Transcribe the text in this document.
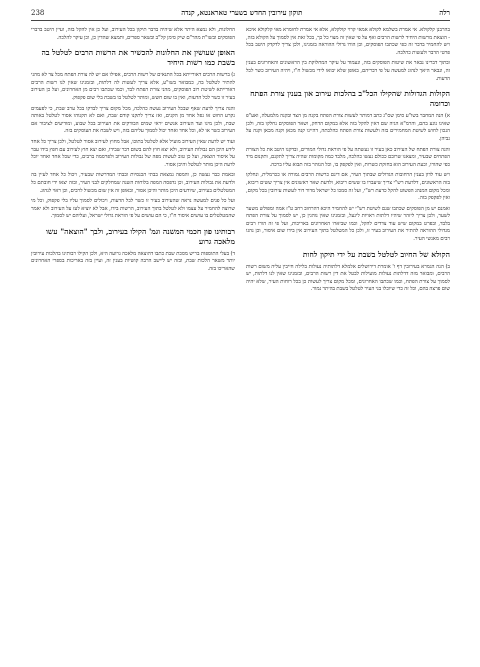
רלה
תוקון עירובין החדש בשערי טאראנטא, קנדה
238

בהרבנן קלקולא. אי אמרת בשלמא לקולא אמאי קרוי קולקלא, אלא אי אמרת לחומרא מאי קלקולא איכא - הוצאת מרשות היחיד לרשות הרבים ואף על פי שאין זה מצוי כל כך, בכל זאת אין לסמוך על הקולא בזה, ויש להחמיר בדבר זה כפי שכתבו הפוסקים, וכן הורו גדולי ההוראה בזמנינו, ולכן צריך לדקדק היטב בכל פרטי הדבר ולעשות כהלכה.

ובתוך דברינו נבאר את שיטות הפוסקים בזה, ונעמוד על עיקר המחלוקת בין הראשונים והאחרונים בענין זה, ונבאר היאך לנהוג למעשה על פי דבריהם, באופן שלא יבואו לידי מכשול ח"ו, ויהיה העירוב כשר לכל הדעות.

הקולות הגדולות שהקילו הכל"ב בהלכות עירוב און בענין צורת הפתח וכדומה

א) הנה המחבר בשו"ע סימן שס"ג כתב דמותר לעשות צורת הפתח בקנה מן הצד ובקנה מלמעלה, ואע"פ שאינו נוגע בהם, והרמ"א הגיה שם דאין להקל בזה אלא במקום הדחק, ושאר הפוסקים נחלקו בזה, ולכן הנכון לחוש לשיטת המחמירים בזה ולעשות צורת הפתח כהלכתה, דהיינו קנה מכאן וקנה מכאן וקנה על גביהן.

והנה צורת הפתח של העירוב כאן בעיר זו נעשתה על פי הוראת גדולי המורים, ובדקנו היטב את כל הצורת הפתחים שבעיר, ומצאנו שרובם ככולם נעשו כהלכה, מלבד כמה מקומות שהיה צריך לתקנם, ותקנום מיד כפי שהורו, וכעת העירוב הוא בחזקת כשרות, ואין לפקפק בו, וכל הנזהר בזה תבוא עליו ברכה.

ויש עוד לדון בענין הרחובות הגדולים שבתוך העיר, אם דינם כרשות הרבים גמורה או ככרמלית, ונחלקו בזה הראשונים, דלדעת רש"י צריך שיעברו בו ששים ריבוא, ולדעת שאר ראשונים אין צריך ששים ריבוא, ומכל מקום המנהג הפשוט להקל כדעת רש"י, ועל זה סמכו כל ישראל מדור דור לעשות עירובין בכל מקום, ואין לפקפק בזה.

ואמנם יש מן הפוסקים שכתבו שגם לשיטת רש"י יש להחמיר היכא דהרחוב רחב ט"ז אמה ומפולש משער לשער, ולכן צריך ליזהר שיהיו דלתות ראויות לינעל, ובזמנינו שאין נוהגין כן, יש לסמוך על צורת הפתח בלבד, ובפרט במקום שיש עוד צדדים להקל, וכמו שביארו האחרונים באריכות, ועל פי זה הורו רבים מגדולי ההוראה להתיר את העירוב בעיר זו, ולכן כל המטלטל בתוך העירוב אין בידו שום איסור, וכן נהגו רבים מאנשי העיר.

הקולא של החיוב לטלטל בשבת על ידי תיקון לחות

ב) הנה הגמרא בעירובין דף ו' אומרת דירושלים אלמלא דלתותיה נעולות בלילה חייבין עליה משום רשות הרבים, ומבואר מזה דדלתות נעולות מועילות לבטל את דין רשות הרבים, ובזמנינו שאין לנו דלתות, יש לסמוך על צורת הפתח, וכמו שכתבו האחרונים, ומכל מקום צריך לעשות כן בכל רוחות העיר, שלא יהיה שום פרצה בהם, וכל זה כדי שיוכלו בני העיר לטלטל בשבת בהיתר גמור.

החלונות, ולא נמצא היתר אלא שיהיה בדבר תיקון בכל העירוב, ועל כן אין להקל בזה, ועיין היטב בדברי הפוסקים ובשו"ת מהר"ם שיק סימן קל"ב ובשאר ספרים, ותמצא שהדין כן, וכן עיקר להלכה.

האופן שעושין את החלונות להכשיר את הרשות הרבים לטלטל בה בשבת כמו רשות היחיד

ג) ברשות הרבים דאורייתא בכל התנאים של רשות הרבים, אפילו אם יש לה צורת הפתח מכל צד לא מהני להתיר לטלטל בה, כמבואר בשו"ע, אלא צריך לעשות לה דלתות, ובזמנינו שאין לנו רשות הרבים דאורייתא לשיטת רוב הפוסקים, מהני צורת הפתח לבד, וכמו שכתבו רבים מן האחרונים, ועל כן העירוב בעיר זו כשר לכל הדעות, ואין בו שום חשש, ומותר לטלטל בו בשבת בלי שום פקפוק.

והנה צריך לדעת שאף שבכל העירוב נעשה כהלכה, מכל מקום צריך לבדקו בכל ערב שבת, כי לפעמים נקרע החוט או נפל אחד מן הקנים, ואז צריך לתקנו קודם שבת, ואם לא תקנוהו אסור לטלטל באותה שבת, ולכן מינו ועד העירוב אנשים יראי שמים הבודקים את העירוב בכל שבוע, ומודיעים לציבור אם העירוב כשר או לא, וכל אחד ואחד יכול לסמוך עליהם בזה, ויש לשבח את העוסקים בזה.

ועוד יש לדעת שאין העירוב מועיל אלא לטלטל בתוכו, אבל מחוץ לעירוב אסור לטלטל, ולכן צריך כל אחד לידע היכן הם גבולות העירוב, ולא יצא חוץ להם בשום דבר שבידו, ואם יצא חוץ לעירוב עם חפץ בידו עבר על איסור הוצאה, ועל כן טוב לעשות מפה של גבולות העירוב ולפרסמה ברבים, כדי שכל אחד ואחד יוכל לדעת היכן מותר לטלטל והיכן אסור.

ובאמת כבר נעשה כן, והמפה נמצאת בבתי הכנסיות ובבתי המדרשות שבעיר, ויכול כל אחד לעיין בה ולדעת את גבולות העירוב, וכן נדפסה המפה בלוחות השנה שמחלקים לבני העיר, ובזה יצאו ידי חובתם כל המטלטלים בעירוב, שיודעים היכן מותר והיכן אסור, ובאופן זה אין שום מכשול לרבים, וכן ראוי לנהוג.

ועל כל פנים למעשה נראה שהעירוב בעיר זו כשר לכל הדעות, ויכולים לסמוך עליו בלי פקפוק, וכל מי שרוצה להחמיר על עצמו ולא לטלטל בתוך העירוב, הרשות בידו, אבל לא יוציא לעז על העירוב ולא יאמר שהמטלטלים בו עושים איסור ח"ו, כי הם עושים על פי הוראת גדולי ישראל, ועליהם יש לסמוך.

רבותינו פון חכמי המשנה וגמ' הקילו בעירוב, ולבך "הוצאה" עשו מלאכה גרוע

ד) בעלי התוספות בריש מסכת שבת כתבו דהוצאה מלאכה גרועה היא, ולכן הקילו רבותינו בהלכות עירובין יותר משאר הלכות שבת, ובזה יש ליישב הרבה קושיות בענין זה, ועיין בזה באריכות בספרי האחרונים שהאריכו בזה.
